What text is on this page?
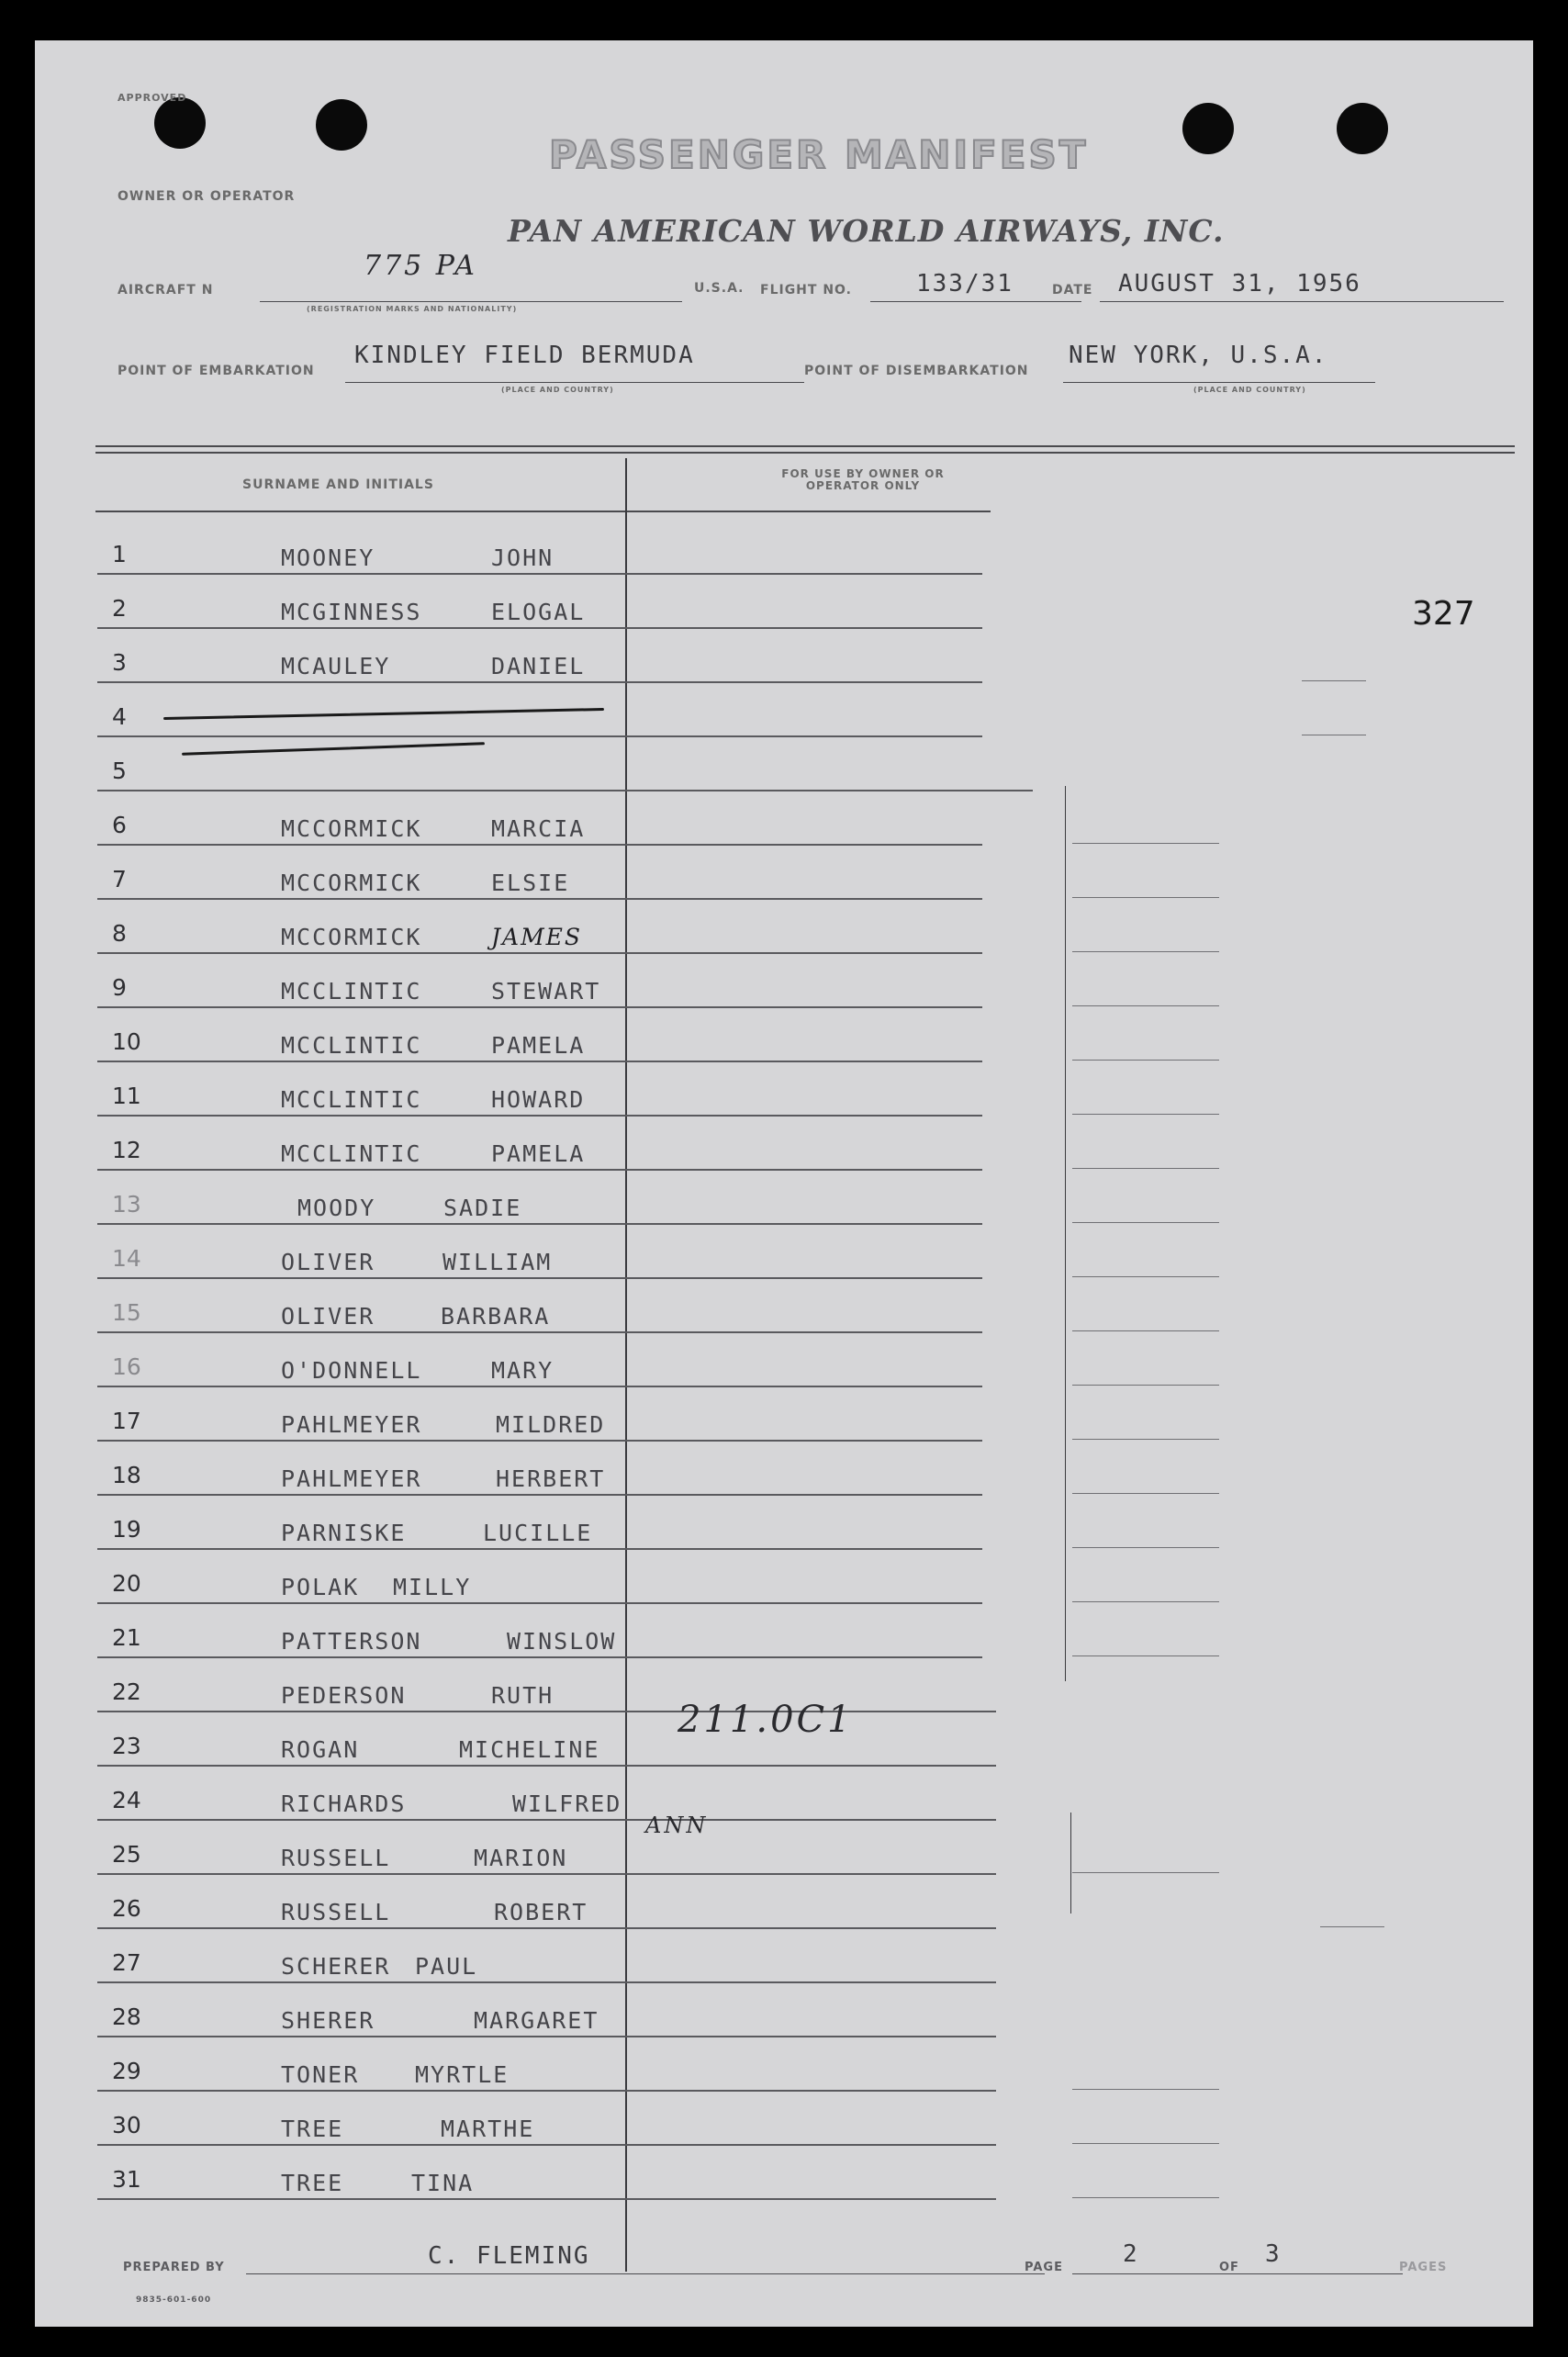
APPROVED
PASSENGER MANIFEST
OWNER OR OPERATOR
PAN AMERICAN WORLD AIRWAYS, INC.
AIRCRAFT N
775 PA
(REGISTRATION MARKS AND NATIONALITY)
U.S.A. FLIGHT NO.	133/31	DATE AUGUST 31, 1956
POINT OF EMBARKATION
KINDLEY FIELD BERMUDA
(PLACE AND COUNTRY)
POINT OF DISEMBARKATION
NEW YORK, U.S.A.
(PLACE AND COUNTRY)
SURNAME AND INITIALS
FOR USE BY OWNER OR OPERATOR ONLY
1	MOONEY	JOHN
2	MCGINNESS	ELOGAL
3	MCAULEY	DANIEL
4
5
6	MCCORMICK	MARCIA
7	MCCORMICK	ELSIE
8	MCCORMICK	JAMES
9	MCCLINTIC	STEWART
10	MCCLINTIC	PAMELA
11	MCCLINTIC	HOWARD
12	MCCLINTIC	PAMELA
13	MOODY	SADIE
14	OLIVER	WILLIAM
15	OLIVER	BARBARA
16	O'DONNELL	MARY
17	PAHLMEYER	MILDRED
18	PAHLMEYER	HERBERT
19	PARNISKE	LUCILLE
20	POLAK MILLY
21	PATTERSON	WINSLOW
22	PEDERSON	RUTH
23	ROGAN	MICHELINE
24	RICHARDS	WILFRED
25	RUSSELL	MARION
26	RUSSELL	ROBERT
27	SCHERER PAUL
28	SHERER	MARGARET
29	TONER MYRTLE
30	TREE	MARTHE
31	TREE	TINA
327
211.0C1
ANN
PREPARED BY	C. FLEMING	PAGE	2	OF 3	PAGES
9835-601-600
